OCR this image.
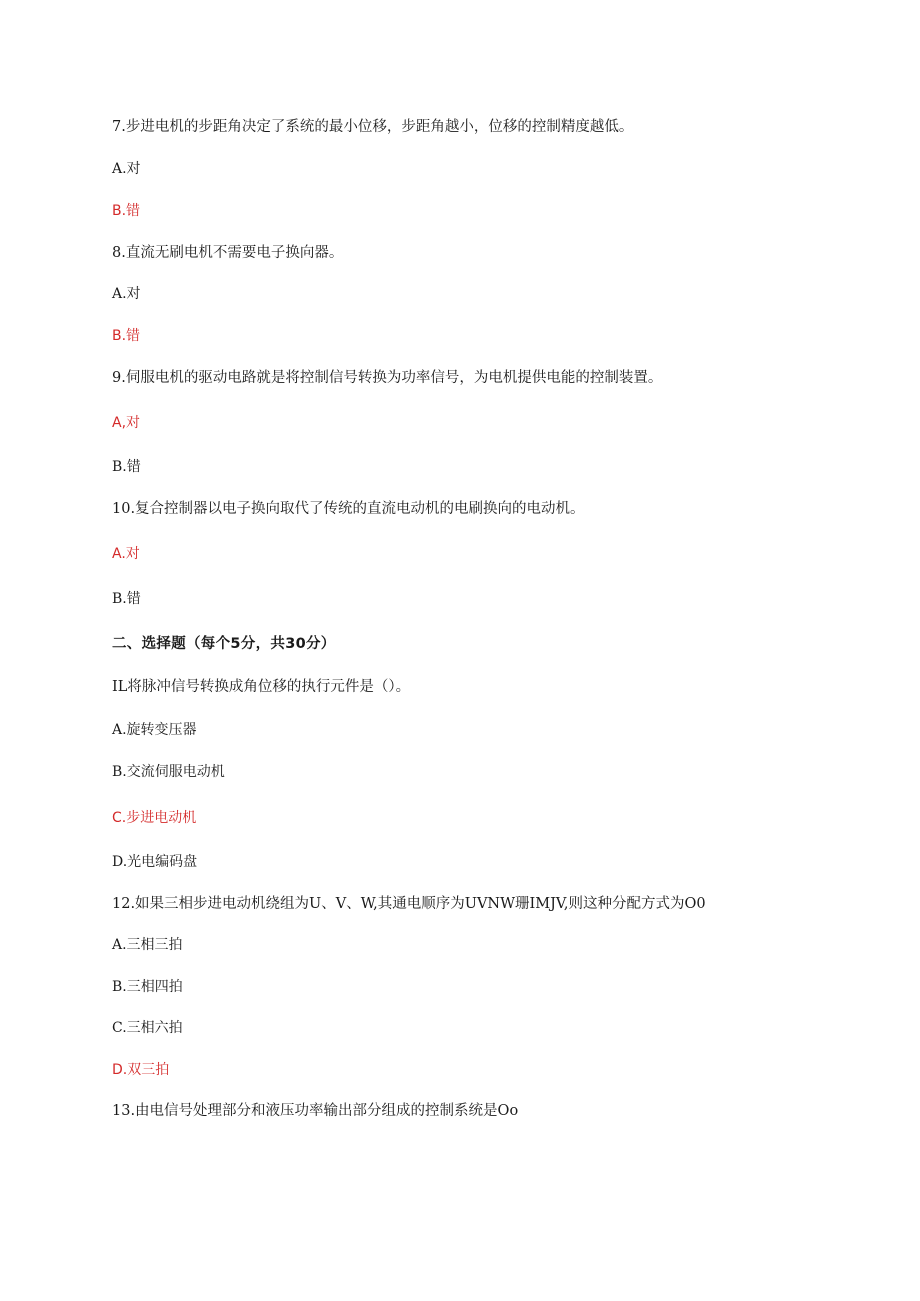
7.步进电机的步距角决定了系统的最小位移，步距角越小，位移的控制精度越低。
A.对
B.错
8.直流无刷电机不需要电子换向器。
A.对
B.错
9.伺服电机的驱动电路就是将控制信号转换为功率信号，为电机提供电能的控制装置。
A,对
B.错
10.复合控制器以电子换向取代了传统的直流电动机的电刷换向的电动机。
A.对
B.错
二、选择题（每个5分，共30分）
IL将脉冲信号转换成角位移的执行元件是（）。
A.旋转变压器
B.交流伺服电动机
C.步进电动机
D.光电编码盘
12.如果三相步进电动机绕组为U、V、W,其通电顺序为UVNW珊IMJV,则这种分配方式为O0
A.三相三拍
B.三相四拍
C.三相六拍
D.双三拍
13.由电信号处理部分和液压功率输出部分组成的控制系统是Oo
